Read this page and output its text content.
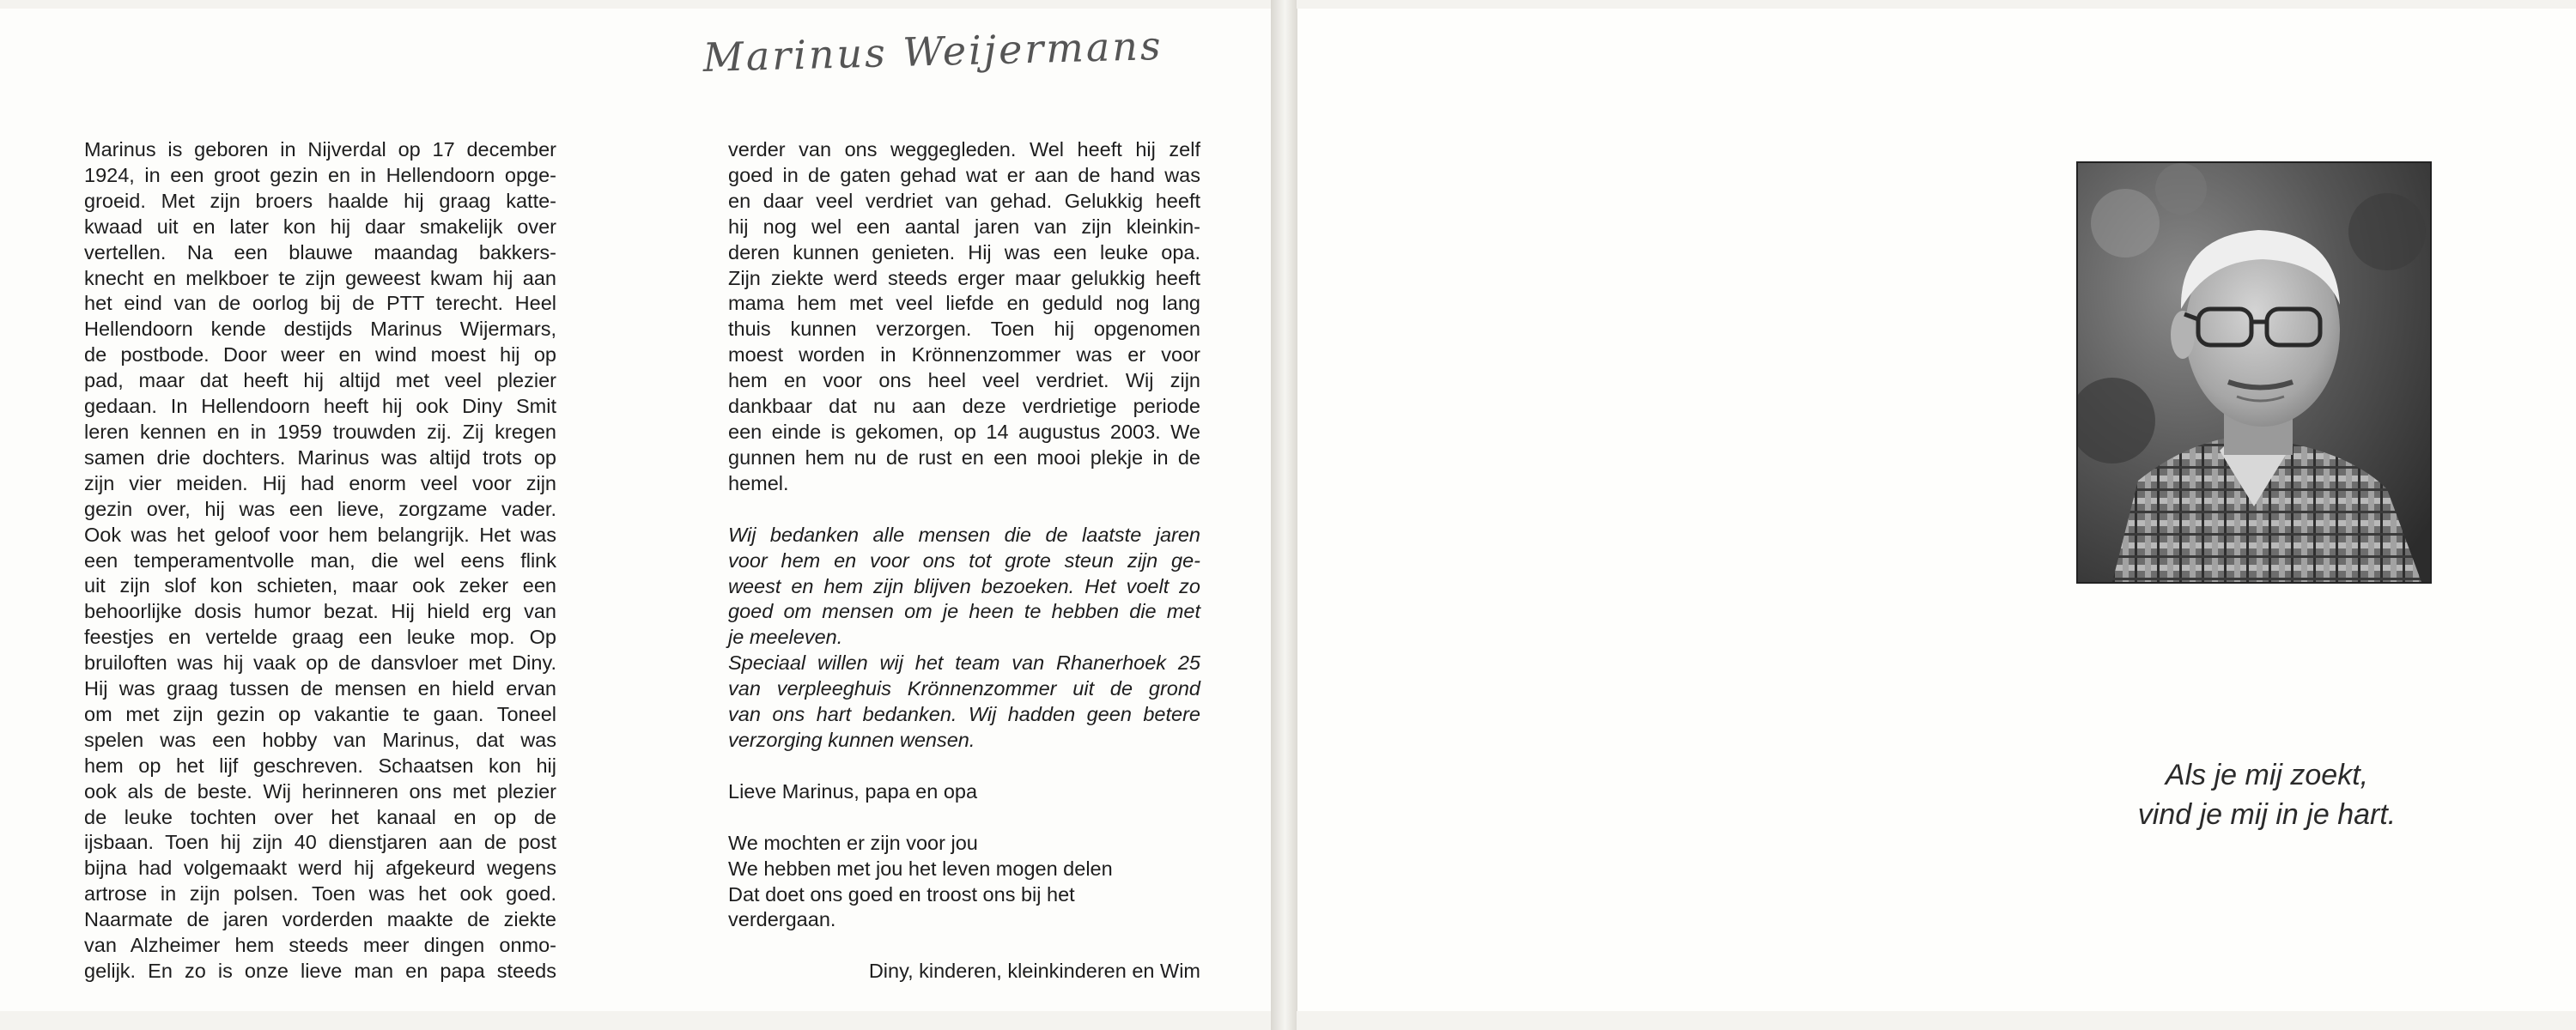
Marinus Weijermans

Marinus is geboren in Nijverdal op 17 december
1924, in een groot gezin en in Hellendoorn opge-
groeid. Met zijn broers haalde hij graag katte-
kwaad uit en later kon hij daar smakelijk over
vertellen. Na een blauwe maandag bakkers-
knecht en melkboer te zijn geweest kwam hij aan
het eind van de oorlog bij de PTT terecht. Heel
Hellendoorn kende destijds Marinus Wijermars,
de postbode. Door weer en wind moest hij op
pad, maar dat heeft hij altijd met veel plezier
gedaan. In Hellendoorn heeft hij ook Diny Smit
leren kennen en in 1959 trouwden zij. Zij kregen
samen drie dochters. Marinus was altijd trots op
zijn vier meiden. Hij had enorm veel voor zijn
gezin over, hij was een lieve, zorgzame vader.
Ook was het geloof voor hem belangrijk. Het was
een temperamentvolle man, die wel eens flink
uit zijn slof kon schieten, maar ook zeker een
behoorlijke dosis humor bezat. Hij hield erg van
feestjes en vertelde graag een leuke mop. Op
bruiloften was hij vaak op de dansvloer met Diny.
Hij was graag tussen de mensen en hield ervan
om met zijn gezin op vakantie te gaan. Toneel
spelen was een hobby van Marinus, dat was
hem op het lijf geschreven. Schaatsen kon hij
ook als de beste. Wij herinneren ons met plezier
de leuke tochten over het kanaal en op de
ijsbaan. Toen hij zijn 40 dienstjaren aan de post
bijna had volgemaakt werd hij afgekeurd wegens
artrose in zijn polsen. Toen was het ook goed.
Naarmate de jaren vorderden maakte de ziekte
van Alzheimer hem steeds meer dingen onmo-
gelijk. En zo is onze lieve man en papa steeds

verder van ons weggegleden. Wel heeft hij zelf
goed in de gaten gehad wat er aan de hand was
en daar veel verdriet van gehad. Gelukkig heeft
hij nog wel een aantal jaren van zijn kleinkin-
deren kunnen genieten. Hij was een leuke opa.
Zijn ziekte werd steeds erger maar gelukkig heeft
mama hem met veel liefde en geduld nog lang
thuis kunnen verzorgen. Toen hij opgenomen
moest worden in Krönnenzommer was er voor
hem en voor ons heel veel verdriet. Wij zijn
dankbaar dat nu aan deze verdrietige periode
een einde is gekomen, op 14 augustus 2003. We
gunnen hem nu de rust en een mooi plekje in de
hemel.

Wij bedanken alle mensen die de laatste jaren
voor hem en voor ons tot grote steun zijn ge-
weest en hem zijn blijven bezoeken. Het voelt zo
goed om mensen om je heen te hebben die met
je meeleven.
Speciaal willen wij het team van Rhanerhoek 25
van verpleeghuis Krönnenzommer uit de grond
van ons hart bedanken. Wij hadden geen betere
verzorging kunnen wensen.

Lieve Marinus, papa en opa

We mochten er zijn voor jou
We hebben met jou het leven mogen delen
Dat doet ons goed en troost ons bij het
verdergaan.

Diny, kinderen, kleinkinderen en Wim

Als je mij zoekt,
vind je mij in je hart.
